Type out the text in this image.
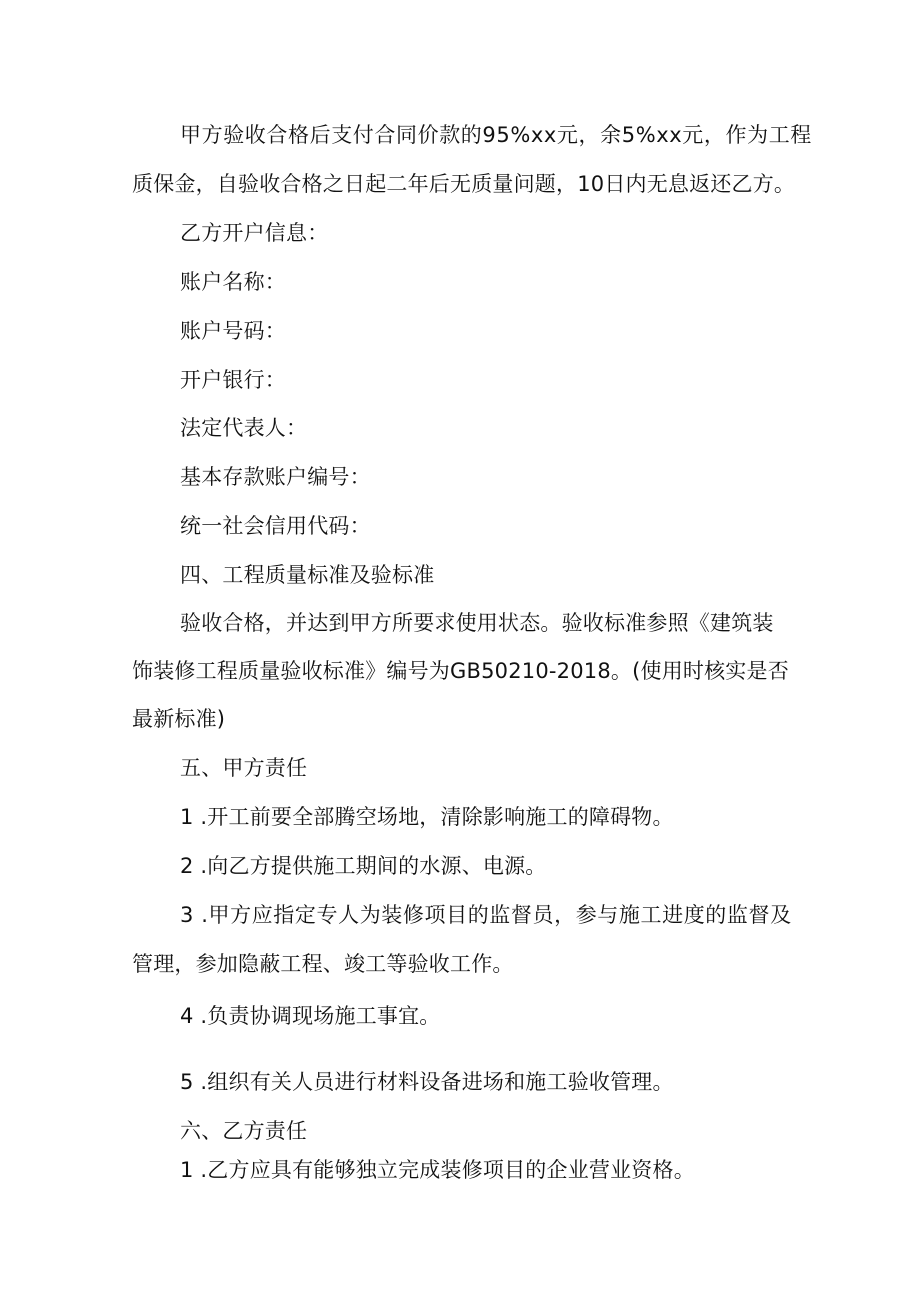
甲方验收合格后支付合同价款的95%xx元，余5%xx元，作为工程
质保金，自验收合格之日起二年后无质量问题，10日内无息返还乙方。
乙方开户信息：
账户名称：
账户号码：
开户银行：
法定代表人：
基本存款账户编号：
统一社会信用代码：
四、工程质量标准及验标准
验收合格，并达到甲方所要求使用状态。验收标准参照《建筑装
饰装修工程质量验收标准》编号为GB50210-2018。(使用时核实是否
最新标准)
五、甲方责任
1 .开工前要全部腾空场地，清除影响施工的障碍物。
2 .向乙方提供施工期间的水源、电源。
3 .甲方应指定专人为装修项目的监督员，参与施工进度的监督及
管理，参加隐蔽工程、竣工等验收工作。
4 .负责协调现场施工事宜。
5 .组织有关人员进行材料设备进场和施工验收管理。
六、乙方责任
1 .乙方应具有能够独立完成装修项目的企业营业资格。
